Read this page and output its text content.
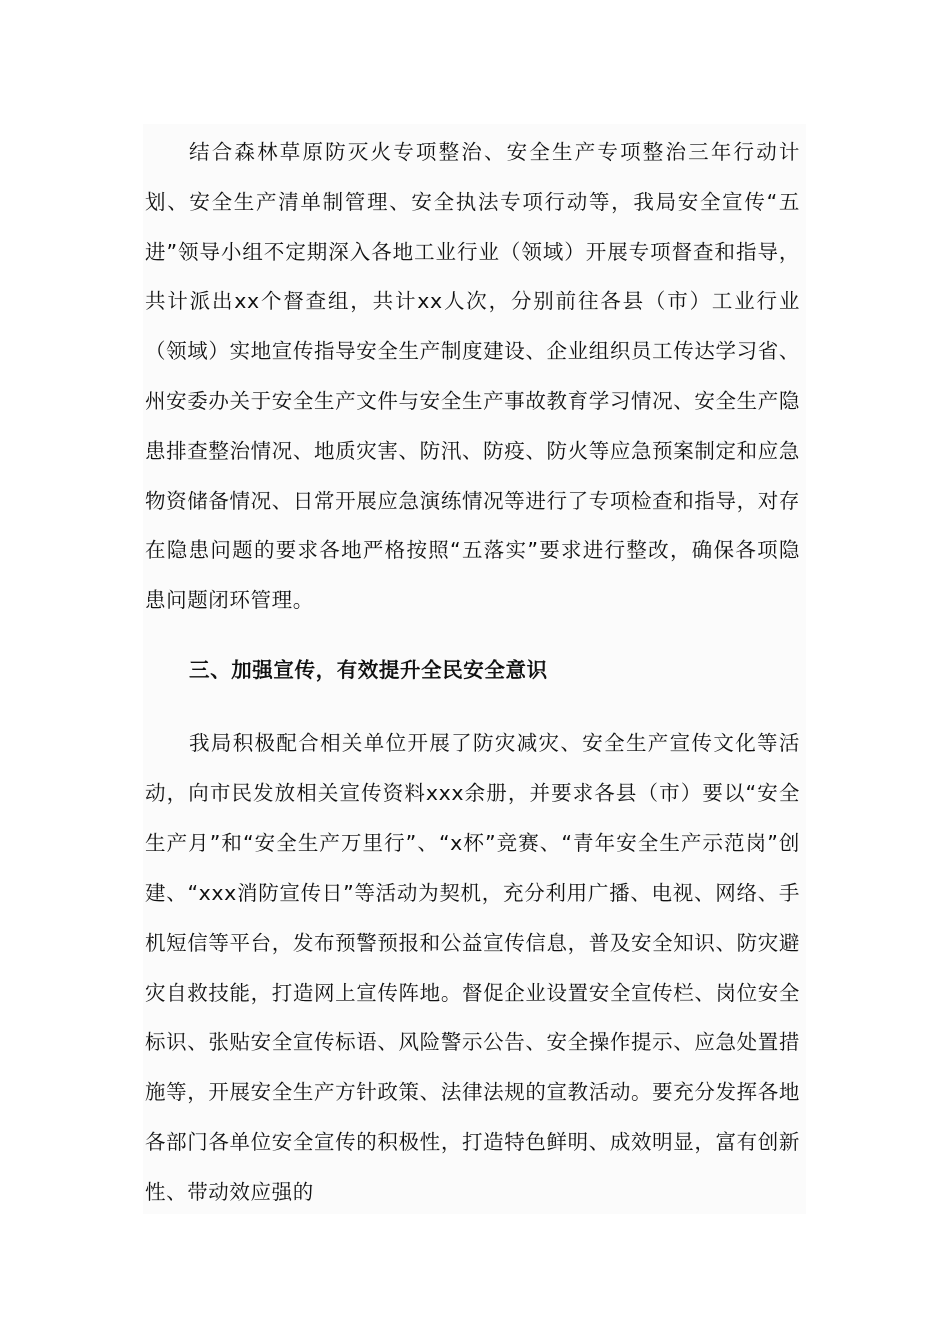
结合森林草原防灭火专项整治、安全生产专项整治三年行动计划、安全生产清单制管理、安全执法专项行动等，我局安全宣传“五进”领导小组不定期深入各地工业行业（领域）开展专项督查和指导，共计派出xx个督查组，共计xx人次，分别前往各县（市）工业行业（领域）实地宣传指导安全生产制度建设、企业组织员工传达学习省、州安委办关于安全生产文件与安全生产事故教育学习情况、安全生产隐患排查整治情况、地质灾害、防汛、防疫、防火等应急预案制定和应急物资储备情况、日常开展应急演练情况等进行了专项检查和指导，对存在隐患问题的要求各地严格按照“五落实”要求进行整改，确保各项隐患问题闭环管理。

三、加强宣传，有效提升全民安全意识

我局积极配合相关单位开展了防灾减灾、安全生产宣传文化等活动，向市民发放相关宣传资料xxx余册，并要求各县（市）要以“安全生产月”和“安全生产万里行”、“x杯”竞赛、“青年安全生产示范岗”创建、“xxx消防宣传日”等活动为契机，充分利用广播、电视、网络、手机短信等平台，发布预警预报和公益宣传信息，普及安全知识、防灾避灾自救技能，打造网上宣传阵地。督促企业设置安全宣传栏、岗位安全标识、张贴安全宣传标语、风险警示公告、安全操作提示、应急处置措施等，开展安全生产方针政策、法律法规的宣教活动。要充分发挥各地各部门各单位安全宣传的积极性，打造特色鲜明、成效明显，富有创新性、带动效应强的
